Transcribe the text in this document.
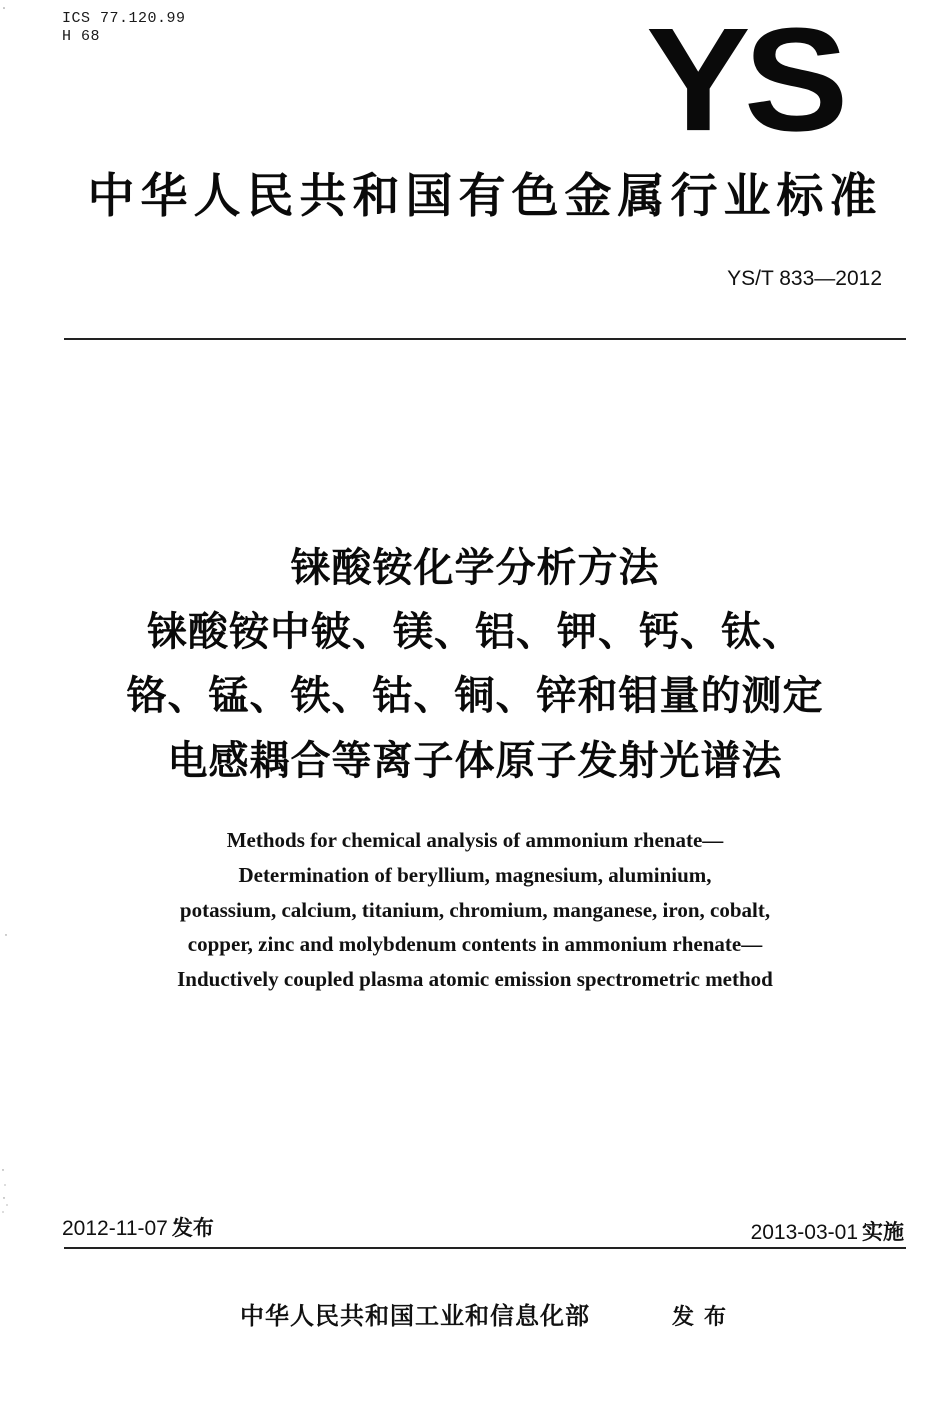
ICS 77.120.99
H 68	YS
中华人民共和国有色金属行业标准
YS/T 833—2012
铼酸铵化学分析方法
铼酸铵中铍、镁、铝、钾、钙、钛、
铬、锰、铁、钴、铜、锌和钼量的测定
电感耦合等离子体原子发射光谱法
Methods for chemical analysis of ammonium rhenate—
Determination of beryllium, magnesium, aluminium,
potassium, calcium, titanium, chromium, manganese, iron, cobalt,
copper, zinc and molybdenum contents in ammonium rhenate—
Inductively coupled plasma atomic emission spectrometric method
2012-11-07 发布	2013-03-01 实施
中华人民共和国工业和信息化部	发布
